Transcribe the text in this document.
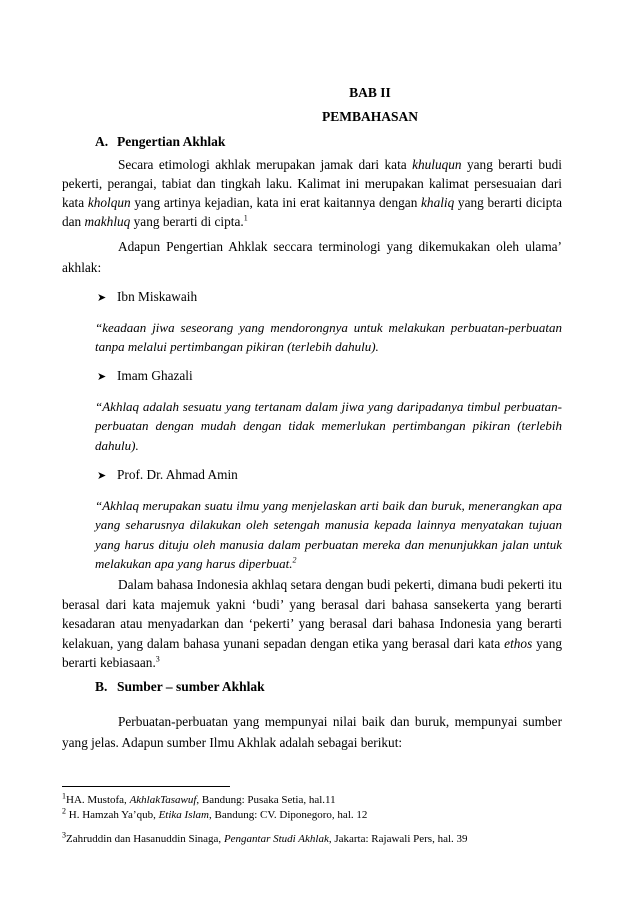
BAB II
PEMBAHASAN
A. Pengertian Akhlak
Secara etimologi akhlak merupakan jamak dari kata khuluqun yang berarti budi pekerti, perangai, tabiat dan tingkah laku. Kalimat ini merupakan kalimat persesuaian dari kata kholqun yang artinya kejadian, kata ini erat kaitannya dengan khaliq yang berarti dicipta dan makhluq yang berarti di cipta.$^1$
Adapun Pengertian Ahklak seccara terminologi yang dikemukakan oleh ulama’ akhlak:
➤ Ibn Miskawaih
“keadaan jiwa seseorang yang mendorongnya untuk melakukan perbuatan-perbuatan tanpa melalui pertimbangan pikiran (terlebih dahulu).
➤ Imam Ghazali
“Akhlaq adalah sesuatu yang tertanam dalam jiwa yang daripadanya timbul perbuatan-perbuatan dengan mudah dengan tidak memerlukan pertimbangan pikiran (terlebih dahulu).
➤ Prof. Dr. Ahmad Amin
“Akhlaq merupakan suatu ilmu yang menjelaskan arti baik dan buruk, menerangkan apa yang seharusnya dilakukan oleh setengah manusia kepada lainnya menyatakan tujuan yang harus dituju oleh manusia dalam perbuatan mereka dan menunjukkan jalan untuk melakukan apa yang harus diperbuat.$^2$
Dalam bahasa Indonesia akhlaq setara dengan budi pekerti, dimana budi pekerti itu berasal dari kata majemuk yakni ‘budi’ yang berasal dari bahasa sansekerta yang berarti kesadaran atau menyadarkan dan ‘pekerti’ yang berasal dari bahasa Indonesia yang berarti kelakuan, yang dalam bahasa yunani sepadan dengan etika yang berasal dari kata ethos yang berarti kebiasaan.$^3$
B. Sumber – sumber Akhlak
Perbuatan-perbuatan yang mempunyai nilai baik dan buruk, mempunyai sumber yang jelas. Adapun sumber Ilmu Akhlak adalah sebagai berikut:
$^1$HA. Mustofa, AkhlakTasawuf, Bandung: Pusaka Setia, hal.11
$^2$ H. Hamzah Ya’qub, Etika Islam, Bandung: CV. Diponegoro, hal. 12
$^3$Zahruddin dan Hasanuddin Sinaga, Pengantar Studi Akhlak, Jakarta: Rajawali Pers, hal. 39
